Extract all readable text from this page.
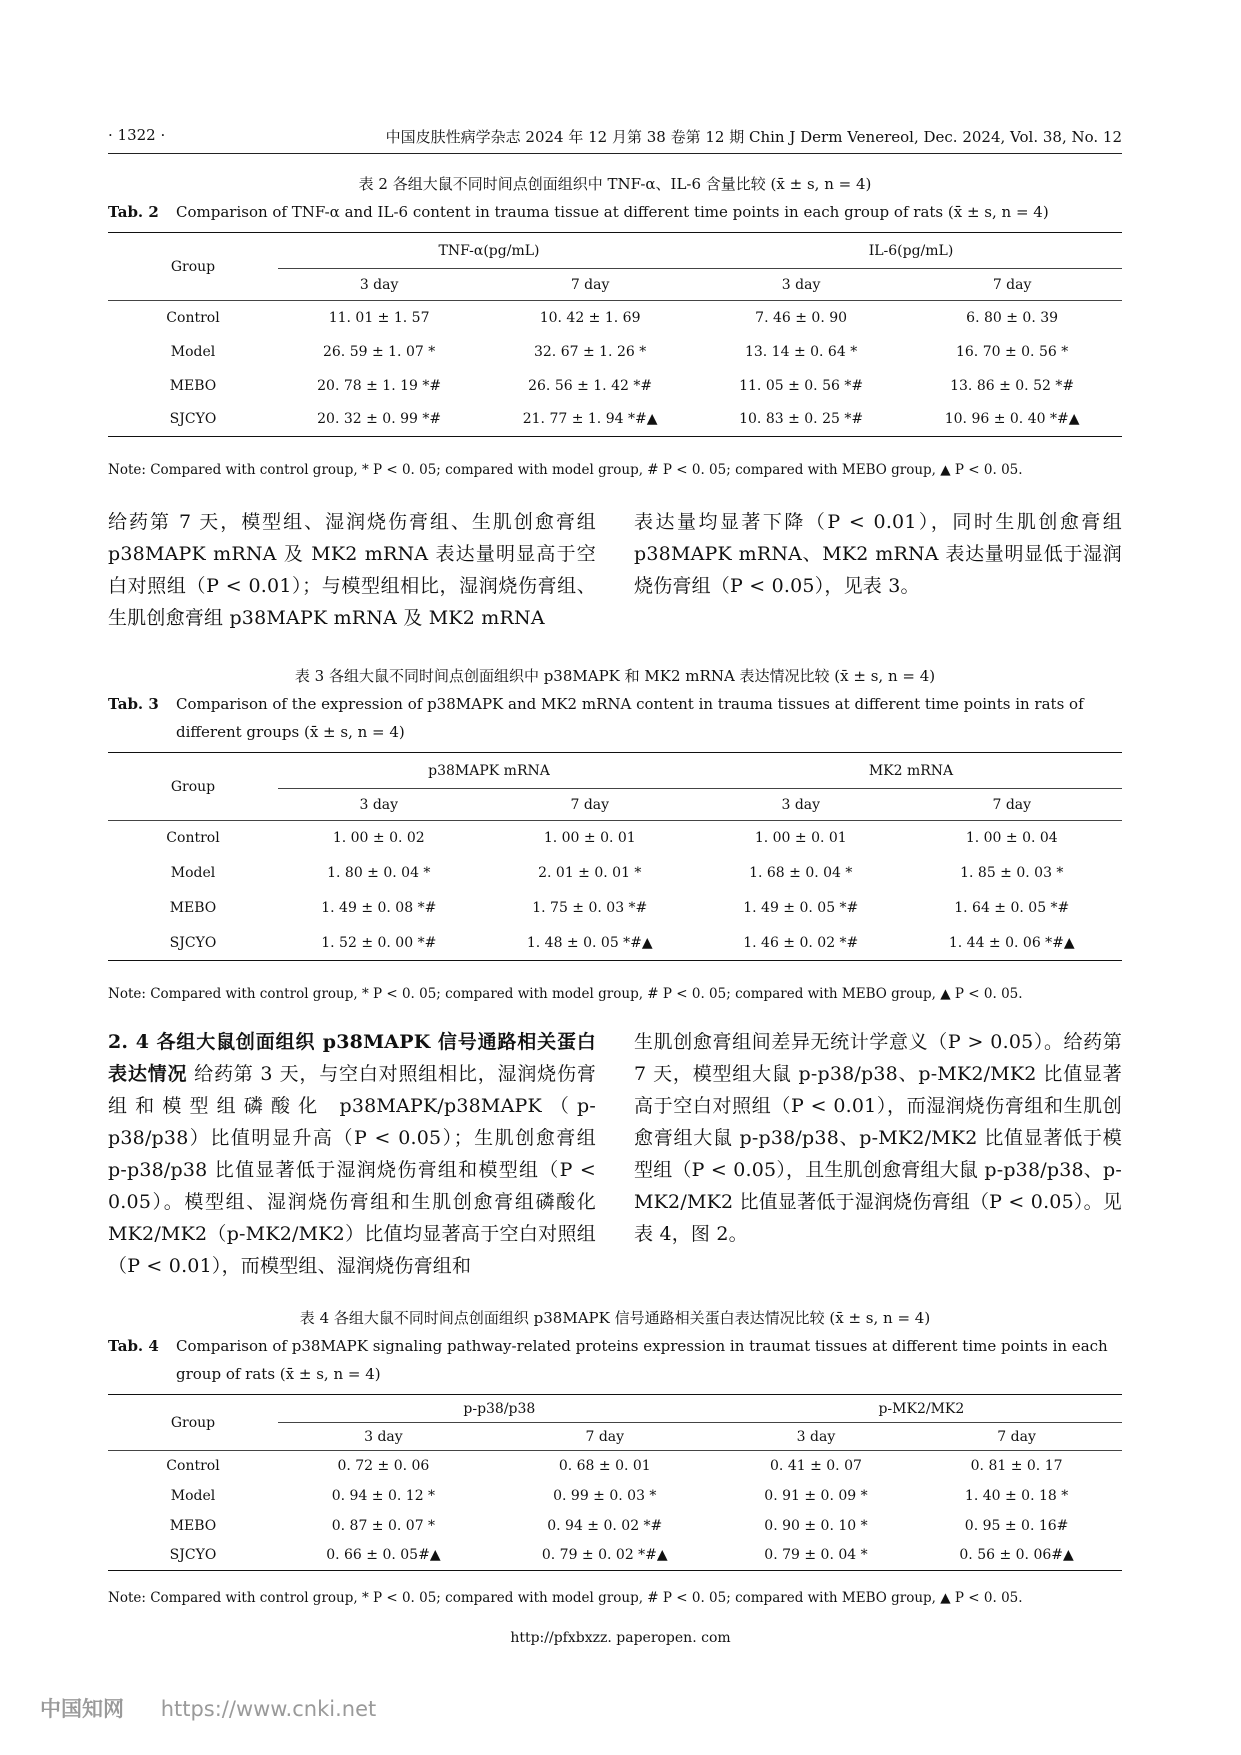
· 1322 ·	中国皮肤性病学杂志 2024 年 12 月第 38 卷第 12 期 Chin J Derm Venereol, Dec. 2024, Vol. 38, No. 12
表 2 各组大鼠不同时间点创面组织中 TNF-α、IL-6 含量比较 (x̄ ± s, n = 4)
Tab. 2	Comparison of TNF-α and IL-6 content in trauma tissue at different time points in each group of rats (x̄ ± s, n = 4)
Group	TNF-α(pg/mL)		IL-6(pg/mL)	
	3 day	7 day	3 day	7 day
Control	11. 01 ± 1. 57	10. 42 ± 1. 69	7. 46 ± 0. 90	6. 80 ± 0. 39
Model	26. 59 ± 1. 07 *	32. 67 ± 1. 26 *	13. 14 ± 0. 64 *	16. 70 ± 0. 56 *
MEBO	20. 78 ± 1. 19 *#	26. 56 ± 1. 42 *#	11. 05 ± 0. 56 *#	13. 86 ± 0. 52 *#
SJCYO	20. 32 ± 0. 99 *#	21. 77 ± 1. 94 *#▲	10. 83 ± 0. 25 *#	10. 96 ± 0. 40 *#▲
Note: Compared with control group, * P < 0. 05; compared with model group, # P < 0. 05; compared with MEBO group, ▲ P < 0. 05.
给药第 7 天，模型组、湿润烧伤膏组、生肌创愈膏组 p38MAPK mRNA 及 MK2 mRNA 表达量明显高于空白对照组（P < 0.01）；与模型组相比，湿润烧伤膏组、生肌创愈膏组 p38MAPK mRNA 及 MK2 mRNA
表达量均显著下降（P < 0.01），同时生肌创愈膏组 p38MAPK mRNA、MK2 mRNA 表达量明显低于湿润烧伤膏组（P < 0.05），见表 3。
表 3 各组大鼠不同时间点创面组织中 p38MAPK 和 MK2 mRNA 表达情况比较 (x̄ ± s, n = 4)
Tab. 3	Comparison of the expression of p38MAPK and MK2 mRNA content in trauma tissues at different time points in rats of different groups (x̄ ± s, n = 4)
Group	p38MAPK mRNA		MK2 mRNA	
	3 day	7 day	3 day	7 day
Control	1. 00 ± 0. 02	1. 00 ± 0. 01	1. 00 ± 0. 01	1. 00 ± 0. 04
Model	1. 80 ± 0. 04 *	2. 01 ± 0. 01 *	1. 68 ± 0. 04 *	1. 85 ± 0. 03 *
MEBO	1. 49 ± 0. 08 *#	1. 75 ± 0. 03 *#	1. 49 ± 0. 05 *#	1. 64 ± 0. 05 *#
SJCYO	1. 52 ± 0. 00 *#	1. 48 ± 0. 05 *#▲	1. 46 ± 0. 02 *#	1. 44 ± 0. 06 *#▲
Note: Compared with control group, * P < 0. 05; compared with model group, # P < 0. 05; compared with MEBO group, ▲ P < 0. 05.
2. 4 各组大鼠创面组织 p38MAPK 信号通路相关蛋白表达情况 给药第 3 天，与空白对照组相比，湿润烧伤膏组和模型组磷酸化 p38MAPK/p38MAPK（p-p38/p38）比值明显升高（P < 0.05）；生肌创愈膏组 p-p38/p38 比值显著低于湿润烧伤膏组和模型组（P < 0.05）。模型组、湿润烧伤膏组和生肌创愈膏组磷酸化 MK2/MK2（p-MK2/MK2）比值均显著高于空白对照组（P < 0.01），而模型组、湿润烧伤膏组和
生肌创愈膏组间差异无统计学意义（P > 0.05）。给药第 7 天，模型组大鼠 p-p38/p38、p-MK2/MK2 比值显著高于空白对照组（P < 0.01），而湿润烧伤膏组和生肌创愈膏组大鼠 p-p38/p38、p-MK2/MK2 比值显著低于模型组（P < 0.05），且生肌创愈膏组大鼠 p-p38/p38、p-MK2/MK2 比值显著低于湿润烧伤膏组（P < 0.05）。见表 4，图 2。
表 4 各组大鼠不同时间点创面组织 p38MAPK 信号通路相关蛋白表达情况比较 (x̄ ± s, n = 4)
Tab. 4	Comparison of p38MAPK signaling pathway-related proteins expression in traumat tissues at different time points in each group of rats (x̄ ± s, n = 4)
Group	p-p38/p38		p-MK2/MK2	
	3 day	7 day	3 day	7 day
Control	0. 72 ± 0. 06	0. 68 ± 0. 01	0. 41 ± 0. 07	0. 81 ± 0. 17
Model	0. 94 ± 0. 12 *	0. 99 ± 0. 03 *	0. 91 ± 0. 09 *	1. 40 ± 0. 18 *
MEBO	0. 87 ± 0. 07 *	0. 94 ± 0. 02 *#	0. 90 ± 0. 10 *	0. 95 ± 0. 16#
SJCYO	0. 66 ± 0. 05#▲	0. 79 ± 0. 02 *#▲	0. 79 ± 0. 04 *	0. 56 ± 0. 06#▲
Note: Compared with control group, * P < 0. 05; compared with model group, # P < 0. 05; compared with MEBO group, ▲ P < 0. 05.
http://pfxbxzz. paperopen. com
中国知网 https://www.cnki.net
